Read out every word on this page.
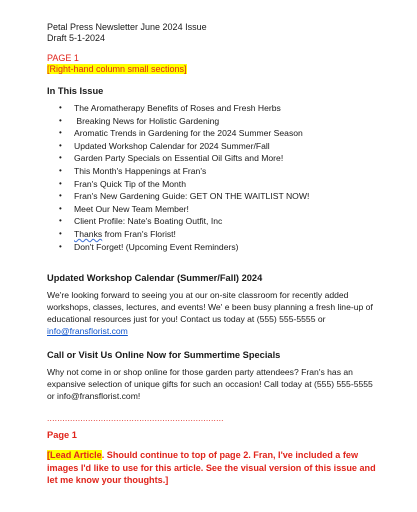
Petal Press Newsletter June 2024 Issue

Draft 5-1-2024

PAGE 1

[Right-hand column small sections]

In This Issue
• The Aromatherapy Benefits of Roses and Fresh Herbs
• Breaking News for Holistic Gardening
• Aromatic Trends in Gardening for the 2024 Summer Season
• Updated Workshop Calendar for 2024 Summer/Fall
• Garden Party Specials on Essential Oil Gifts and More!
• This Month's Happenings at Fran's
• Fran's Quick Tip of the Month
• Fran's New Gardening Guide: GET ON THE WAITLIST NOW!
• Meet Our New Team Member!
• Client Profile: Nate's Boating Outfit, Inc
• Thanks from Fran's Florist!
• Don't Forget! (Upcoming Event Reminders)
Updated Workshop Calendar (Summer/Fall) 2024

We're looking forward to seeing you at our on-site classroom for recently added workshops, classes, lectures, and events! We' e been busy planning a fresh line-up of educational resources just for you! Contact us today at (555) 555-5555 or info@fransflorist.com

Call or Visit Us Online Now for Summertime Specials

Why not come in or shop online for those garden party attendees? Fran's has an expansive selection of unique gifts for such an occasion! Call today at (555) 555-5555 or info@fransflorist.com!

.....................................................................
Page 1

[Lead Article. Should continue to top of page 2. Fran, I've included a few images I'd like to use for this article. See the visual version of this issue and let me know your thoughts.]
